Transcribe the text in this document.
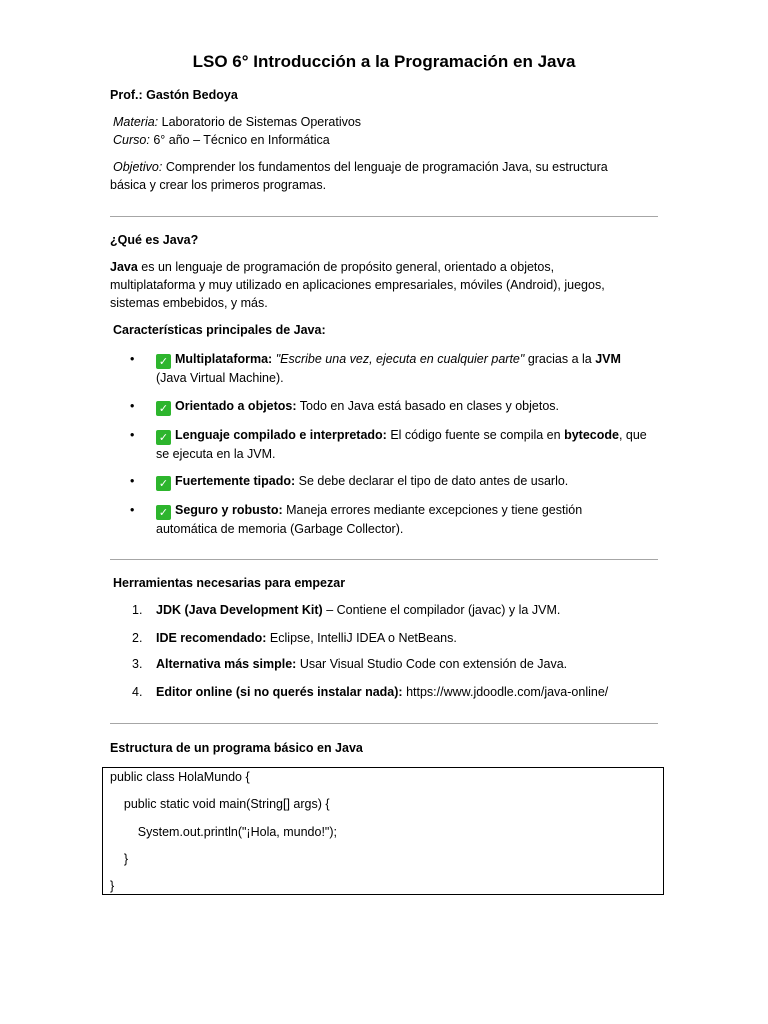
LSO 6° Introducción a la Programación en Java
Prof.: Gastón Bedoya
Materia: Laboratorio de Sistemas Operativos
Curso: 6° año – Técnico en Informática
Objetivo: Comprender los fundamentos del lenguaje de programación Java, su estructura
básica y crear los primeros programas.
¿Qué es Java?
Java es un lenguaje de programación de propósito general, orientado a objetos,
multiplataforma y muy utilizado en aplicaciones empresariales, móviles (Android), juegos,
sistemas embebidos, y más.
Características principales de Java:
• ✓ Multiplataforma: "Escribe una vez, ejecuta en cualquier parte" gracias a la JVM
(Java Virtual Machine).
• ✓ Orientado a objetos: Todo en Java está basado en clases y objetos.
• ✓ Lenguaje compilado e interpretado: El código fuente se compila en bytecode, que
se ejecuta en la JVM.
• ✓ Fuertemente tipado: Se debe declarar el tipo de dato antes de usarlo.
• ✓ Seguro y robusto: Maneja errores mediante excepciones y tiene gestión
automática de memoria (Garbage Collector).
Herramientas necesarias para empezar
1. JDK (Java Development Kit) – Contiene el compilador (javac) y la JVM.
2. IDE recomendado: Eclipse, IntelliJ IDEA o NetBeans.
3. Alternativa más simple: Usar Visual Studio Code con extensión de Java.
4. Editor online (si no querés instalar nada): https://www.jdoodle.com/java-online/
Estructura de un programa básico en Java
public class HolaMundo {
public static void main(String[] args) {
System.out.println("¡Hola, mundo!");
}
}
